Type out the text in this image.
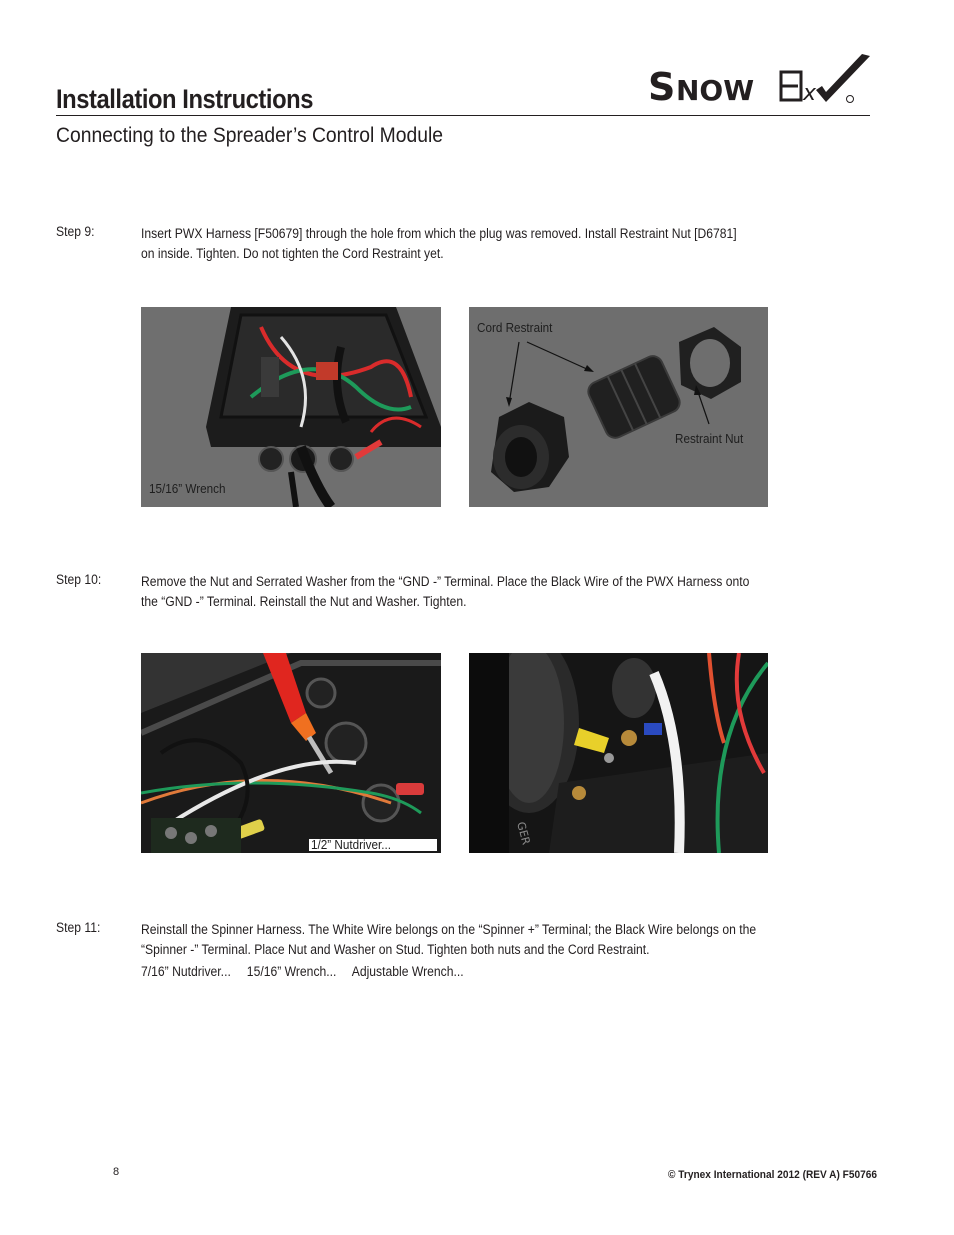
Installation Instructions
Connecting to the Spreader’s Control Module
S NOW x
Step 9:	Insert PWX Harness [F50679] through the hole from which the plug was removed. Install Restraint Nut [D6781]
on inside. Tighten. Do not tighten the Cord Restraint yet.
15/16” Wrench
Cord Restraint
Restraint Nut
Step 10:	Remove the Nut and Serrated Washer from the “GND -” Terminal. Place the Black Wire of the PWX Harness onto
the “GND -” Terminal. Reinstall the Nut and Washer. Tighten.
1/2” Nutdriver...	GER
Step 11:	Reinstall the Spinner Harness. The White Wire belongs on the “Spinner +” Terminal; the Black Wire belongs on the
“Spinner -” Terminal. Place Nut and Washer on Stud. Tighten both nuts and the Cord Restraint.
7/16” Nutdriver... 15/16” Wrench... Adjustable Wrench...
8	© Trynex International 2012 (REV A) F50766
